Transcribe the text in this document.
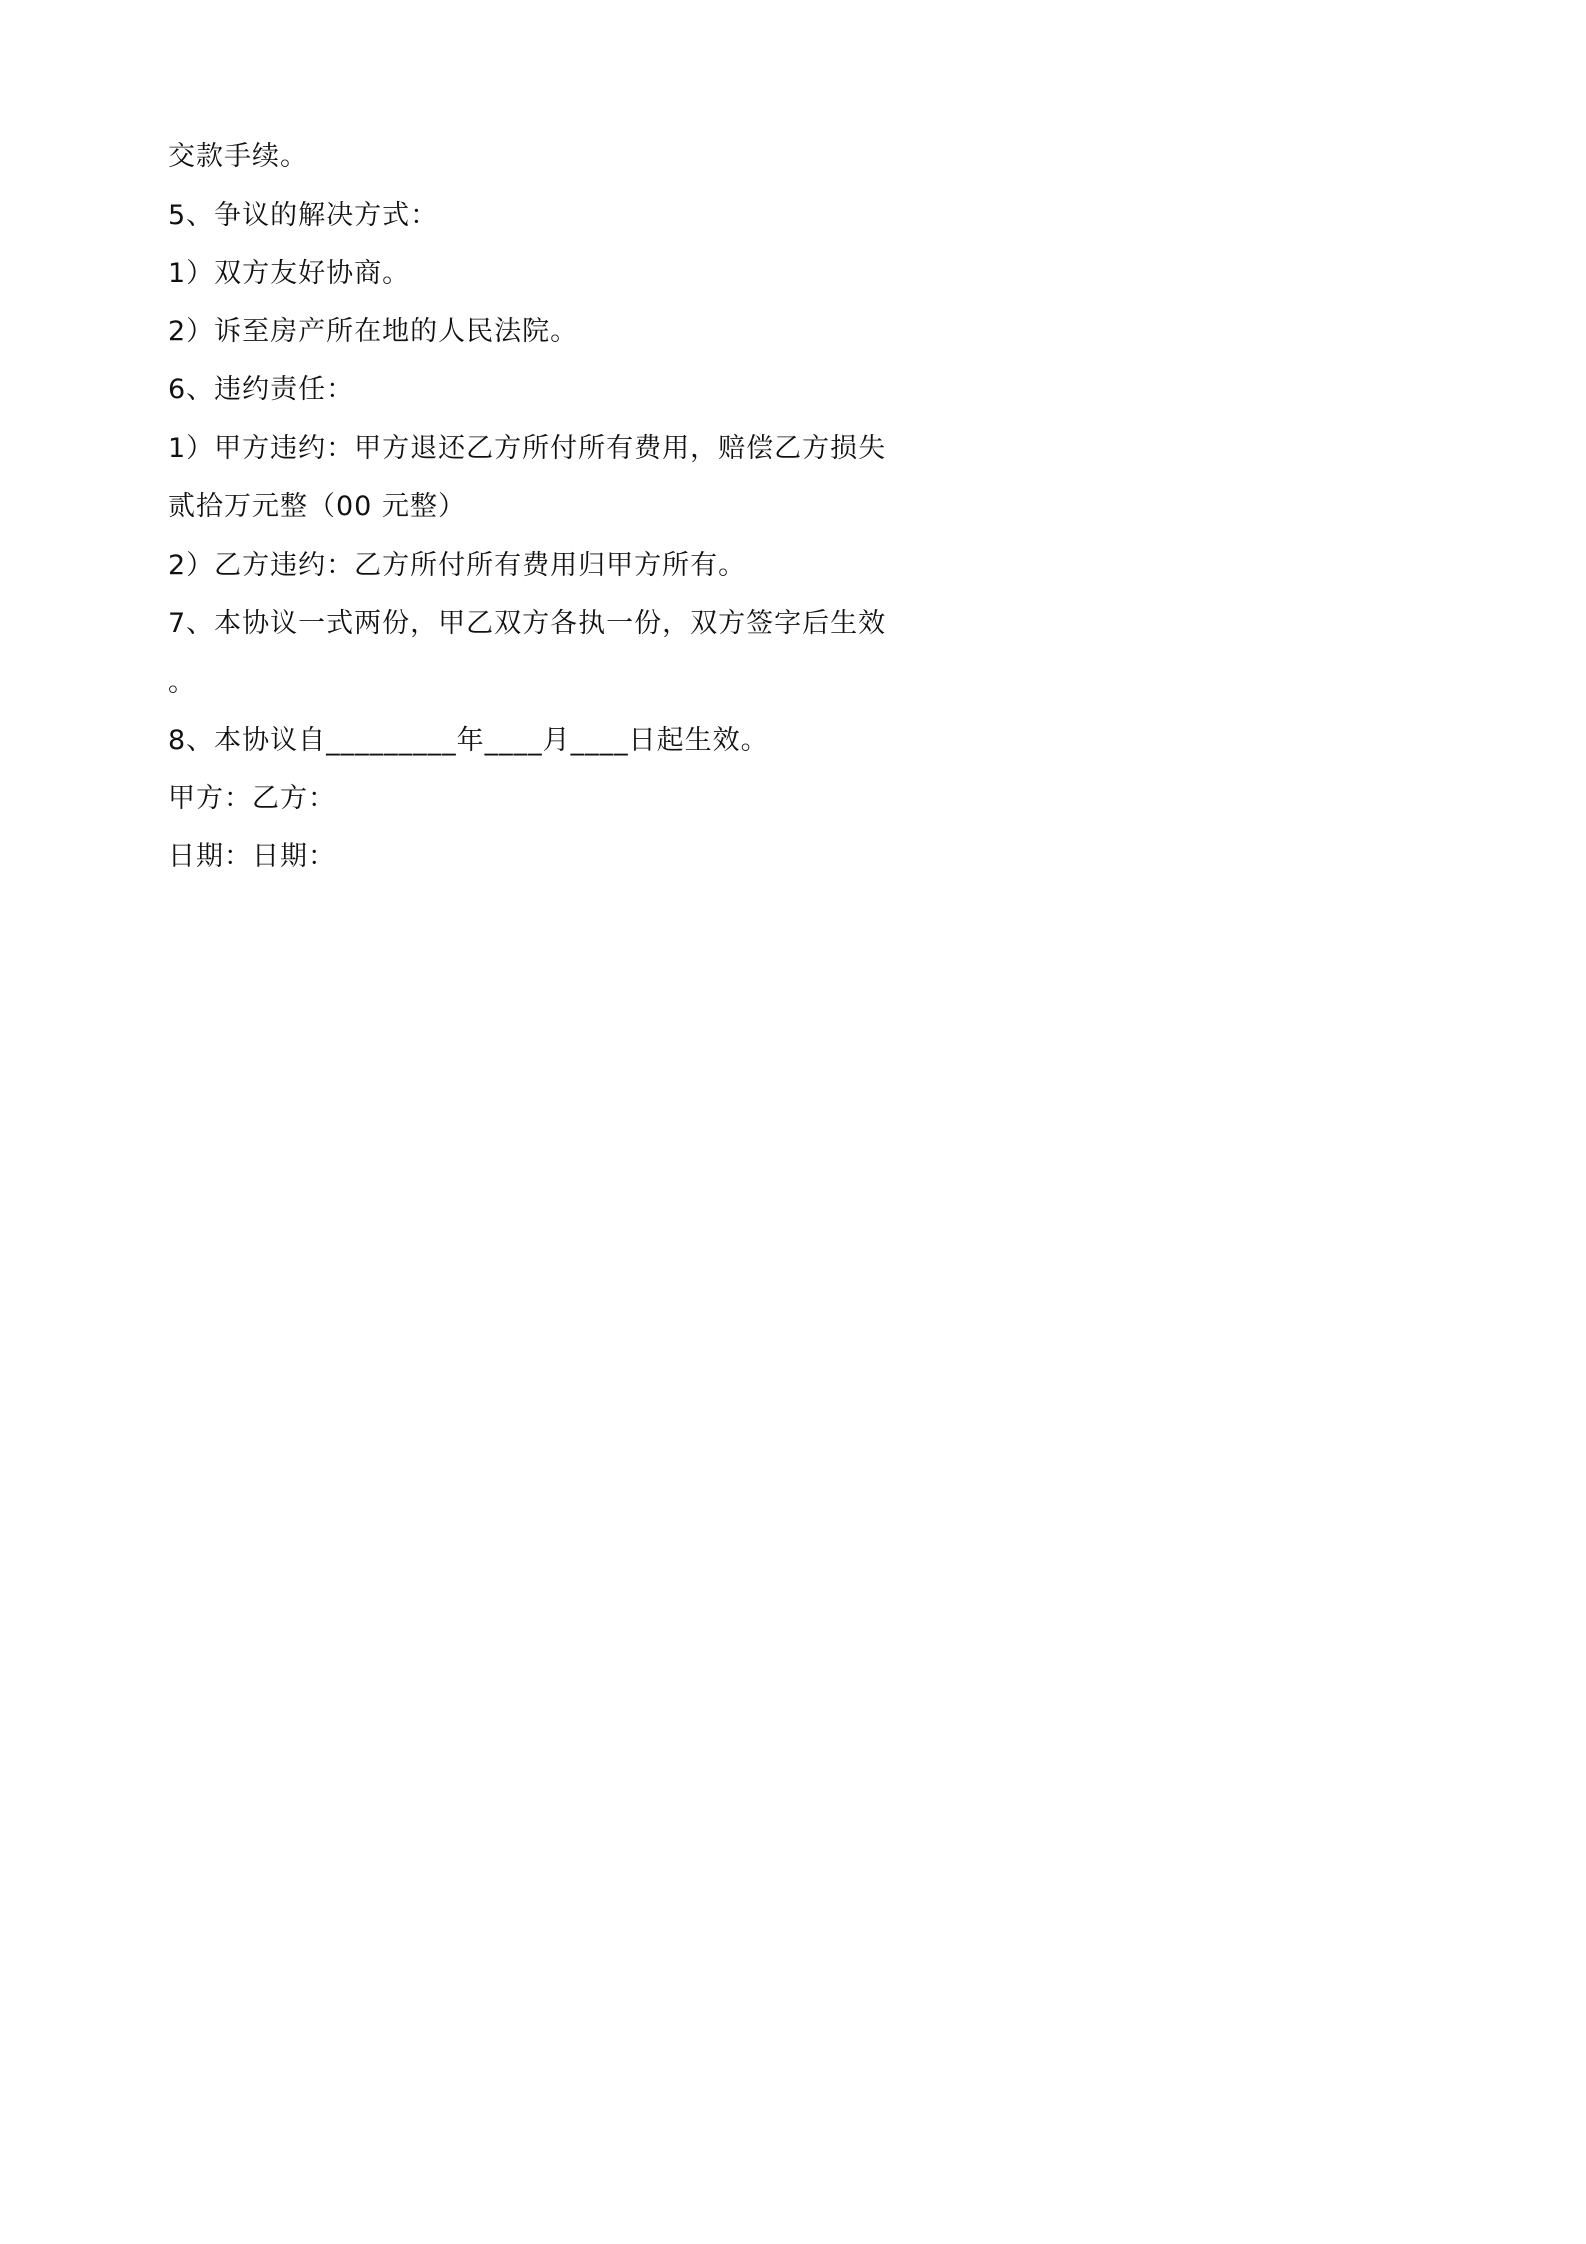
交款手续。
5、争议的解决方式：
1）双方友好协商。
2）诉至房产所在地的人民法院。
6、违约责任：
1）甲方违约：甲方退还乙方所付所有费用，赔偿乙方损失
贰拾万元整（00 元整）
2）乙方违约：乙方所付所有费用归甲方所有。
7、本协议一式两份，甲乙双方各执一份，双方签字后生效
。
8、本协议自_________年____月____日起生效。
甲方：乙方：
日期：日期：
